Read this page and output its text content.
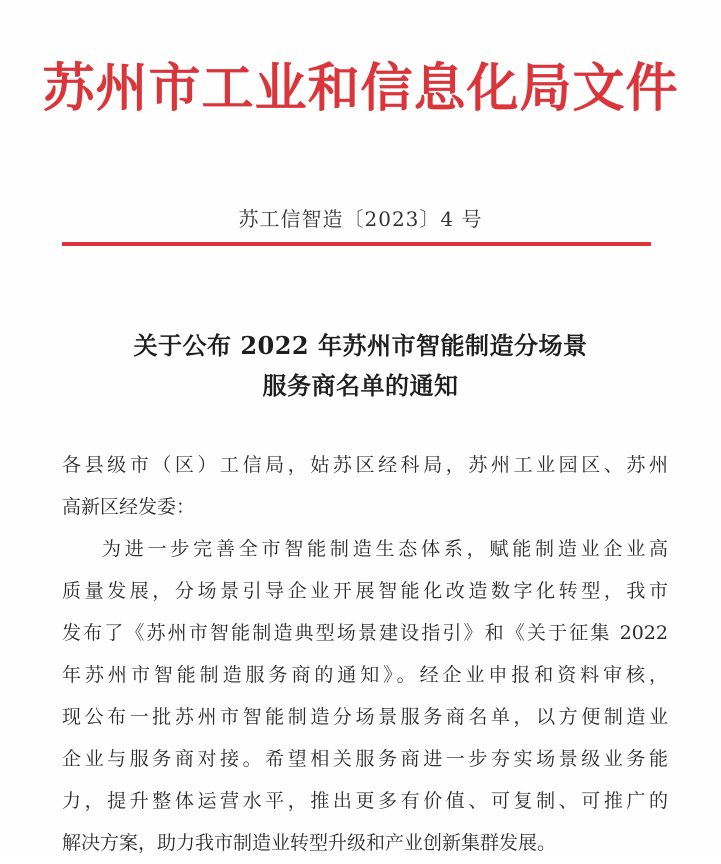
苏州市工业和信息化局文件
苏工信智造〔2023〕4 号
关于公布 2022 年苏州市智能制造分场景
服务商名单的通知
各县级市（区）工信局，姑苏区经科局，苏州工业园区、苏州
高新区经发委：
为进一步完善全市智能制造生态体系，赋能制造业企业高
质量发展，分场景引导企业开展智能化改造数字化转型，我市
发布了《苏州市智能制造典型场景建设指引》和《关于征集 2022
年苏州市智能制造服务商的通知》。经企业申报和资料审核，
现公布一批苏州市智能制造分场景服务商名单，以方便制造业
企业与服务商对接。希望相关服务商进一步夯实场景级业务能
力，提升整体运营水平，推出更多有价值、可复制、可推广的
解决方案，助力我市制造业转型升级和产业创新集群发展。
